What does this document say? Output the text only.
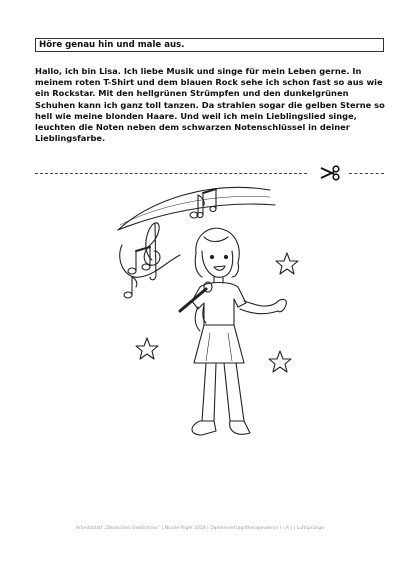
Höre genau hin und male aus.

Hallo, ich bin Lisa. Ich liebe Musik und singe für mein Leben gerne. In meinem roten T-Shirt und dem blauen Rock sehe ich schon fast so aus wie ein Rockstar. Mit den hellgrünen Strümpfen und den dunkelgrünen Schuhen kann ich ganz toll tanzen. Da strahlen sogar die gelben Sterne so hell wie meine blonden Haare. Und weil ich mein Lieblingslied singe, leuchten die Noten neben dem schwarzen Notenschlüssel in deiner Lieblingsfarbe.

Arbeitsblatt „Deutsches Gedächtnis“ | Nicole Fligel 2018 | Diplomvertragstherapeutenin ( i.A ) | Luftsprünge
